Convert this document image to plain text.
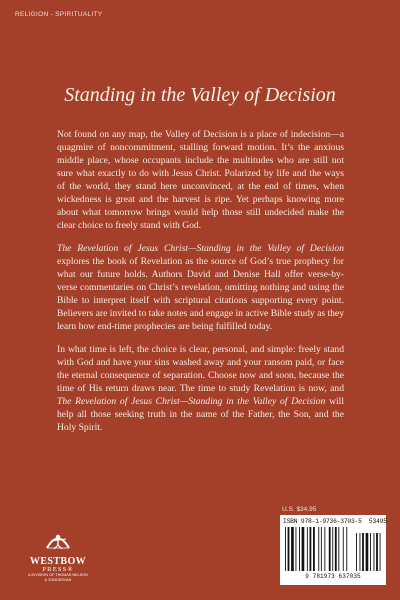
RELIGION - SPIRITUALITY
Standing in the Valley of Decision

Not found on any map, the Valley of Decision is a place of indecision—a quagmire of noncommitment, stalling forward motion. It’s the anxious middle place, whose occupants include the multitudes who are still not sure what exactly to do with Jesus Christ. Polarized by life and the ways of the world, they stand here unconvinced, at the end of times, when wickedness is great and the harvest is ripe. Yet perhaps knowing more about what tomorrow brings would help those still undecided make the clear choice to freely stand with God.

The Revelation of Jesus Christ—Standing in the Valley of Decision explores the book of Revelation as the source of God’s true prophecy for what our future holds. Authors David and Denise Hall offer verse-by-verse commentaries on Christ’s revelation, omitting nothing and using the Bible to interpret itself with scriptural citations supporting every point. Believers are invited to take notes and engage in active Bible study as they learn how end-time prophecies are being fulfilled today.

In what time is left, the choice is clear, personal, and simple: freely stand with God and have your sins washed away and your ransom paid, or face the eternal consequence of separation. Choose now and soon, because the time of His return draws near. The time to study Revelation is now, and The Revelation of Jesus Christ—Standing in the Valley of Decision will help all those seeking truth in the name of the Father, the Son, and the Holy Spirit.

WESTBOW
PRESS®
A DIVISION OF THOMAS NELSON
& ZONDERVAN
U.S. $34.95
ISBN 978-1-9736-3703-5 53495
9 781973 637035
